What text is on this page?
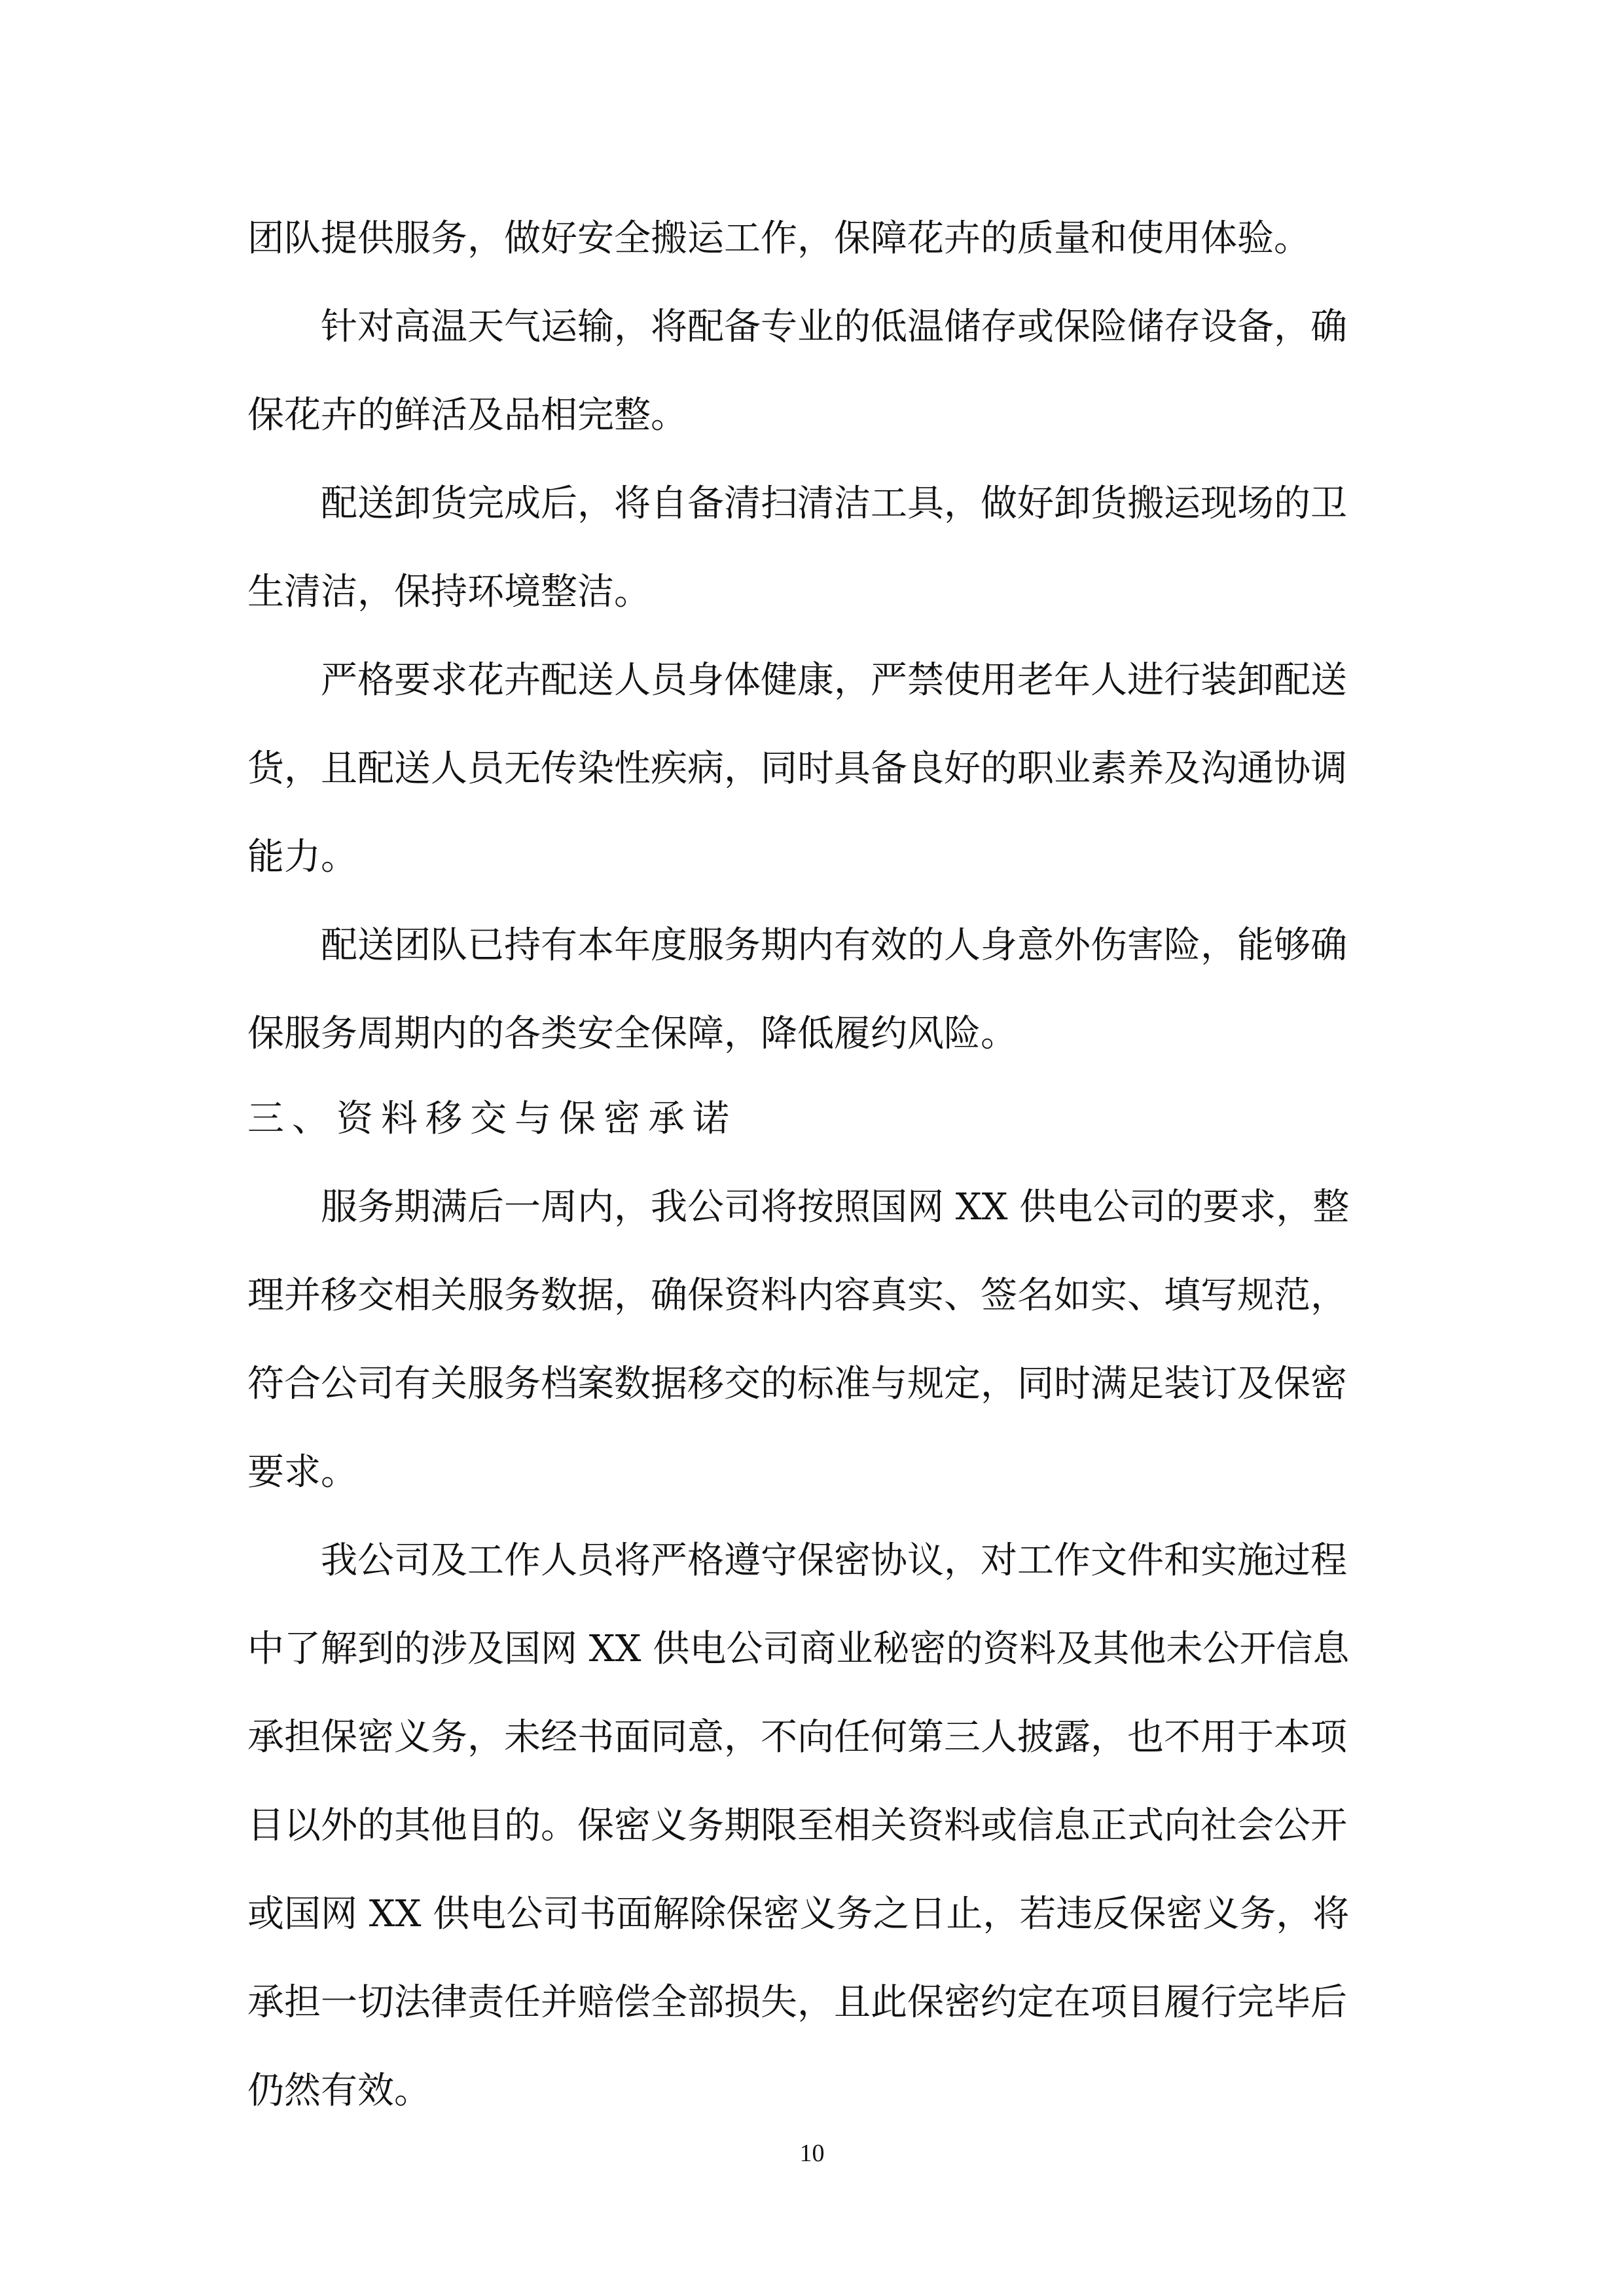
团队提供服务，做好安全搬运工作，保障花卉的质量和使用体验。

针对高温天气运输，将配备专业的低温储存或保险储存设备，确

保花卉的鲜活及品相完整。

配送卸货完成后，将自备清扫清洁工具，做好卸货搬运现场的卫

生清洁，保持环境整洁。

严格要求花卉配送人员身体健康，严禁使用老年人进行装卸配送

货，且配送人员无传染性疾病，同时具备良好的职业素养及沟通协调

能力。

配送团队已持有本年度服务期内有效的人身意外伤害险，能够确

保服务周期内的各类安全保障，降低履约风险。

三、资料移交与保密承诺

服务期满后一周内，我公司将按照国网 XX 供电公司的要求，整

理并移交相关服务数据，确保资料内容真实、签名如实、填写规范，

符合公司有关服务档案数据移交的标准与规定，同时满足装订及保密

要求。

我公司及工作人员将严格遵守保密协议，对工作文件和实施过程

中了解到的涉及国网 XX 供电公司商业秘密的资料及其他未公开信息

承担保密义务，未经书面同意，不向任何第三人披露，也不用于本项

目以外的其他目的。保密义务期限至相关资料或信息正式向社会公开

或国网 XX 供电公司书面解除保密义务之日止，若违反保密义务，将

承担一切法律责任并赔偿全部损失，且此保密约定在项目履行完毕后

仍然有效。

10
